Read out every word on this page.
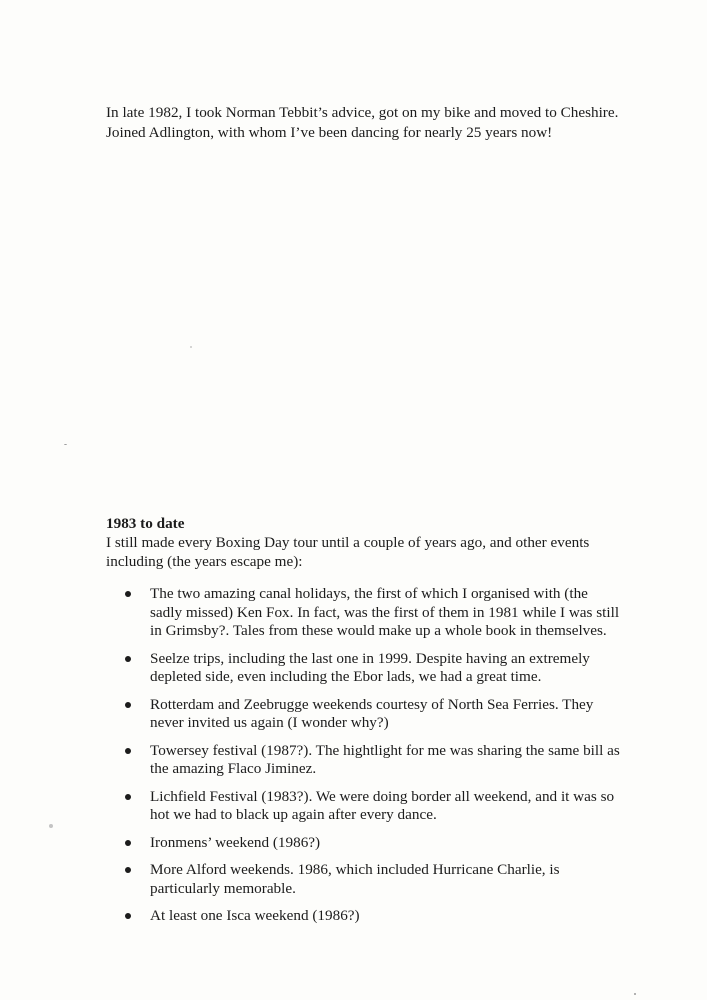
In late 1982, I took Norman Tebbit’s advice, got on my bike and moved to Cheshire.

Joined Adlington, with whom I’ve been dancing for nearly 25 years now!

1983 to date

I still made every Boxing Day tour until a couple of years ago, and other events including (the years escape me):

The two amazing canal holidays, the first of which I organised with (the sadly missed) Ken Fox. In fact, was the first of them in 1981 while I was still in Grimsby?. Tales from these would make up a whole book in themselves.
Seelze trips, including the last one in 1999. Despite having an extremely depleted side, even including the Ebor lads, we had a great time.
Rotterdam and Zeebrugge weekends courtesy of North Sea Ferries. They never invited us again (I wonder why?)
Towersey festival (1987?). The hightlight for me was sharing the same bill as the amazing Flaco Jiminez.
Lichfield Festival (1983?). We were doing border all weekend, and it was so hot we had to black up again after every dance.
Ironmens’ weekend (1986?)
More Alford weekends. 1986, which included Hurricane Charlie, is particularly memorable.
At least one Isca weekend (1986?)
